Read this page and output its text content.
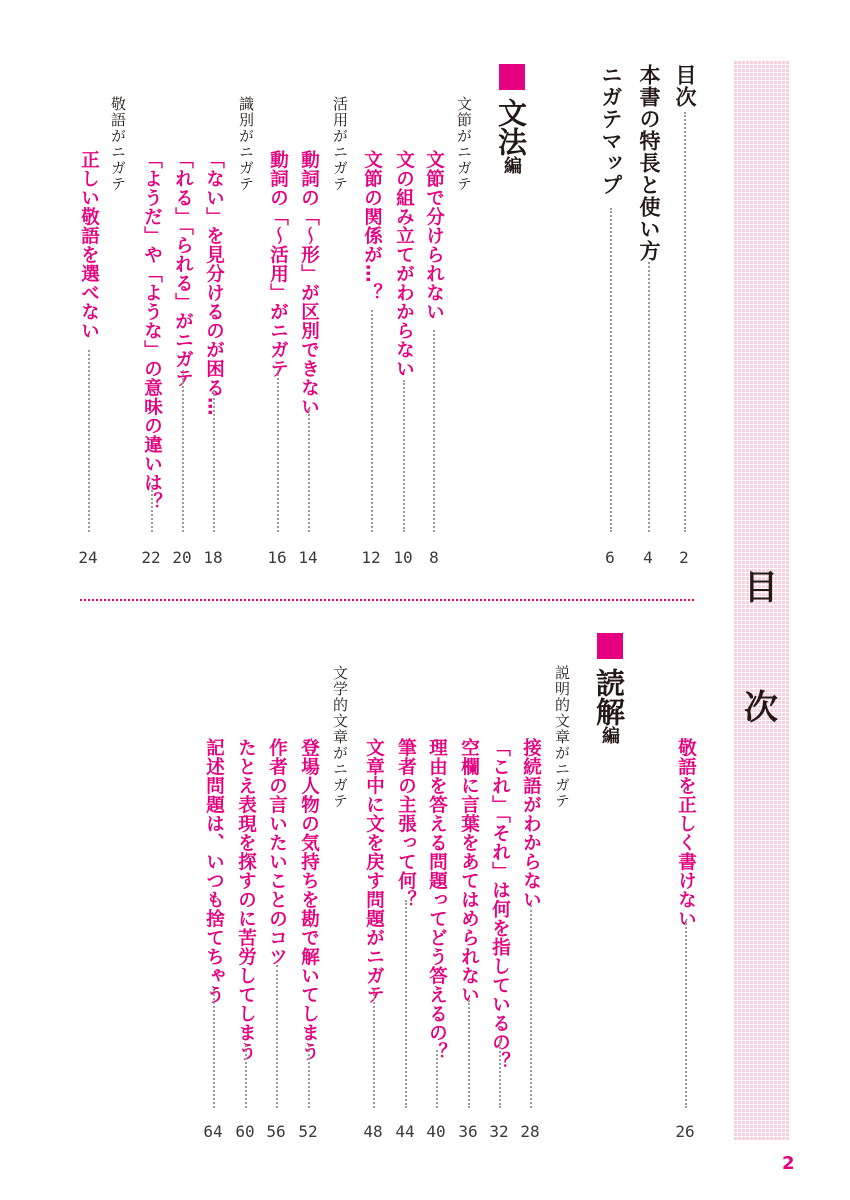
目
次
目次
2
本書の特長と使い方
4
ニガテマップ
6
文法編
文節がニガテ
文節で分けられない
8
文の組み立てがわからない
10
文節の関係が…？
12
活用がニガテ
動詞の「〜形」が区別できない
14
動詞の「〜活用」がニガテ
16
識別がニガテ
「ない」を見分けるのが困る…
18
「れる」「られる」がニガテ
20
「ようだ」や「ような」の意味の違いは？
22
敬語がニガテ
正しい敬語を選べない
24
敬語を正しく書けない
26
読解編
説明的文章がニガテ
接続語がわからない
28
「これ」「それ」は何を指しているの？
32
空欄に言葉をあてはめられない
36
理由を答える問題ってどう答えるの？
40
筆者の主張って何？
44
文章中に文を戻す問題がニガテ
48
文学的文章がニガテ
登場人物の気持ちを勘で解いてしまう
52
作者の言いたいことのコツ
56
たとえ表現を探すのに苦労してしまう
60
記述問題は、いつも捨てちゃう
64
2
